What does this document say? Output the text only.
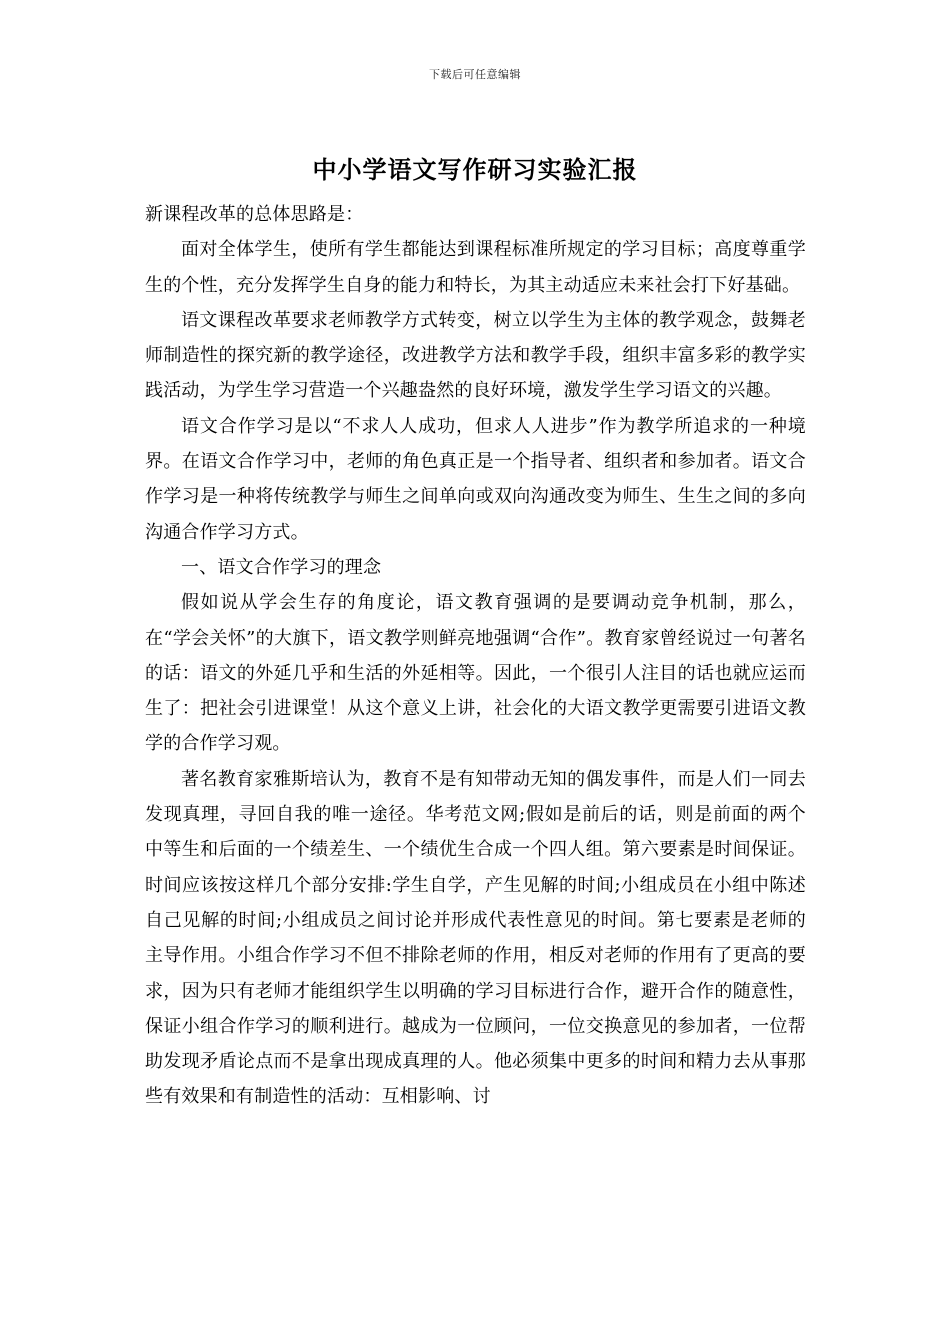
下载后可任意编辑
中小学语文写作研习实验汇报

新课程改革的总体思路是：

面对全体学生，使所有学生都能达到课程标准所规定的学习目标；高度尊重学生的个性，充分发挥学生自身的能力和特长，为其主动适应未来社会打下好基础。

语文课程改革要求老师教学方式转变，树立以学生为主体的教学观念，鼓舞老师制造性的探究新的教学途径，改进教学方法和教学手段，组织丰富多彩的教学实践活动，为学生学习营造一个兴趣盎然的良好环境，激发学生学习语文的兴趣。

语文合作学习是以“不求人人成功，但求人人进步”作为教学所追求的一种境界。在语文合作学习中，老师的角色真正是一个指导者、组织者和参加者。语文合作学习是一种将传统教学与师生之间单向或双向沟通改变为师生、生生之间的多向沟通合作学习方式。

一、语文合作学习的理念

假如说从学会生存的角度论，语文教育强调的是要调动竞争机制，那么，在“学会关怀”的大旗下，语文教学则鲜亮地强调“合作”。教育家曾经说过一句著名的话：语文的外延几乎和生活的外延相等。因此，一个很引人注目的话也就应运而生了：把社会引进课堂！从这个意义上讲，社会化的大语文教学更需要引进语文教学的合作学习观。

著名教育家雅斯培认为，教育不是有知带动无知的偶发事件，而是人们一同去发现真理，寻回自我的唯一途径。华考范文网;假如是前后的话，则是前面的两个中等生和后面的一个绩差生、一个绩优生合成一个四人组。第六要素是时间保证。时间应该按这样几个部分安排:学生自学，产生见解的时间;小组成员在小组中陈述自己见解的时间;小组成员之间讨论并形成代表性意见的时间。第七要素是老师的主导作用。小组合作学习不但不排除老师的作用，相反对老师的作用有了更高的要求，因为只有老师才能组织学生以明确的学习目标进行合作，避开合作的随意性，保证小组合作学习的顺利进行。越成为一位顾问，一位交换意见的参加者，一位帮助发现矛盾论点而不是拿出现成真理的人。他必须集中更多的时间和精力去从事那些有效果和有制造性的活动：互相影响、讨
